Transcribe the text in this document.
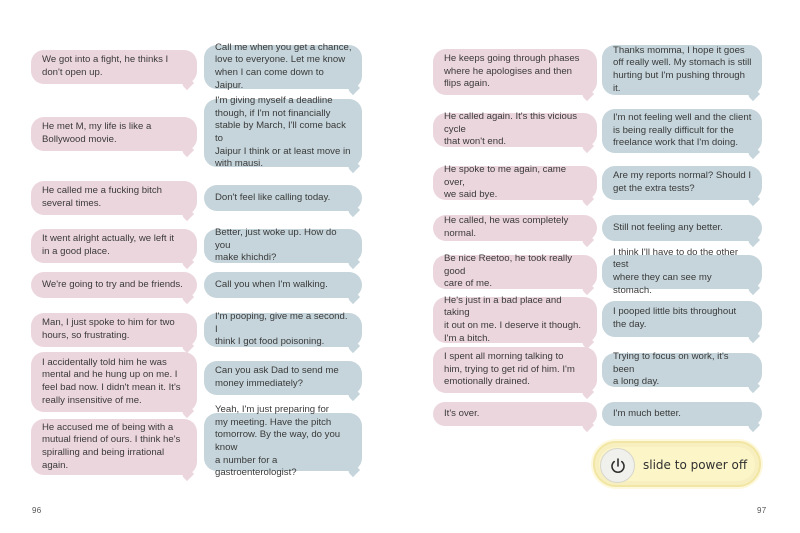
We got into a fight, he thinks I
don't open up.
He met M, my life is like a
Bollywood movie.
He called me a fucking bitch
several times.
It went alright actually, we left it
in a good place.
We're going to try and be friends.
Man, I just spoke to him for two
hours, so frustrating.
I accidentally told him he was
mental and he hung up on me. I
feel bad now. I didn't mean it. It's
really insensitive of me.
He accused me of being with a
mutual friend of ours. I think he's
spiralling and being irrational
again.
Call me when you get a chance,
love to everyone. Let me know
when I can come down to Jaipur.
I'm giving myself a deadline
though, if I'm not financially
stable by March, I'll come back to
Jaipur I think or at least move in
with mausi.
Don't feel like calling today.
Better, just woke up. How do you
make khichdi?
Call you when I'm walking.
I'm pooping, give me a second. I
think I got food poisoning.
Can you ask Dad to send me
money immediately?
Yeah, I'm just preparing for
my meeting. Have the pitch
tomorrow. By the way, do you know
a number for a gastroenterologist?
96
He keeps going through phases
where he apologises and then
flips again.
He called again. It's this vicious cycle
that won't end.
He spoke to me again, came over,
we said bye.
He called, he was completely normal.
Be nice Reetoo, he took really good
care of me.
He's just in a bad place and taking
it out on me. I deserve it though.
I'm a bitch.
I spent all morning talking to
him, trying to get rid of him. I'm
emotionally drained.
It's over.
Thanks momma, I hope it goes
off really well. My stomach is still
hurting but I'm pushing through it.
I'm not feeling well and the client
is being really difficult for the
freelance work that I'm doing.
Are my reports normal? Should I
get the extra tests?
Still not feeling any better.
I think I'll have to do the other test
where they can see my stomach.
I pooped little bits throughout
the day.
Trying to focus on work, it's been
a long day.
I'm much better.
slide to power off
97
